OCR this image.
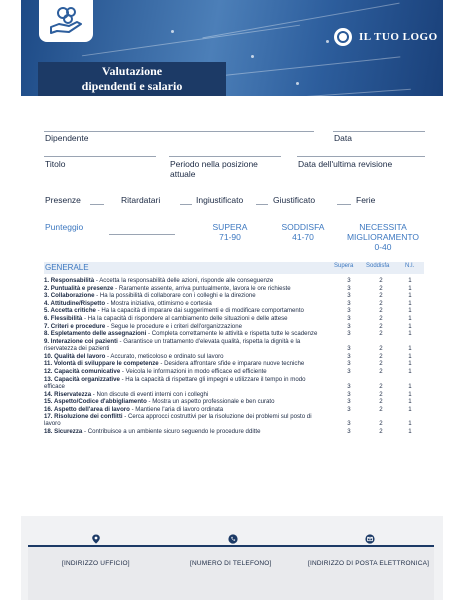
IL TUO LOGO
Valutazione
dipendenti e salario
Dipendente	Data
Titolo	Periodo nella posizione
attuale
Data dell'ultima revisione
Presenze	Ritardatari	Ingiustificato	Giustificato	Ferie
Punteggio	SUPERA
71-90
SODDISFA
41-70
NECESSITA
MIGLIORAMENTO
0-40
GENERALE	Supera Soddisfa	N.I.
1. Responsabilità - Accetta la responsabilità delle azioni, risponde alle conseguenze	3	2	1
2. Puntualità e presenze - Raramente assente, arriva puntualmente, lavora le ore richieste	3	2	1
3. Collaborazione - Ha la possibilità di collaborare con i colleghi e la direzione	3	2	1
4. Attitudine/Rispetto - Mostra iniziativa, ottimismo e cortesia	3	2	1
5. Accetta critiche - Ha la capacità di imparare dai suggerimenti e di modificare comportamento	3	2	1
6. Flessibilità - Ha la capacità di rispondere al cambiamento delle situazioni e delle attese	3	2	1
7. Criteri e procedure - Segue le procedure e i criteri dell'organizzazione	3	2	1
8. Espletamento delle assegnazioni - Completa correttamente le attività e rispetta tutte le scadenze	3	2	1
9. Interazione coi pazienti - Garantisce un trattamento d'elevata qualità, rispetta la dignità e la
riservatezza dei pazienti	3	2	1
10. Qualità del lavoro - Accurato, meticoloso e ordinato sul lavoro	3	2	1
11. Volontà di sviluppare le competenze - Desidera affrontare sfide e imparare nuove tecniche	3	2	1
12. Capacità comunicative - Veicola le informazioni in modo efficace ed efficiente	3	2	1
13. Capacità organizzative - Ha la capacità di rispettare gli impegni e utilizzare il tempo in modo
efficace	3	2	1
14. Riservatezza - Non discute di eventi interni con i colleghi	3	2	1
15. Aspetto/Codice d'abbigliamento - Mostra un aspetto professionale e ben curato	3	2	1
16. Aspetto dell'area di lavoro - Mantiene l'aria di lavoro ordinata	3	2	1
17. Risoluzione dei conflitti - Cerca approcci costruttivi per la risoluzione dei problemi sul posto di
lavoro	3	2	1
18. Sicurezza - Contribuisce a un ambiente sicuro seguendo le procedure dditte	3	2	1
[INDIRIZZO UFFICIO]	[NUMERO DI TELEFONO]	[INDIRIZZO DI POSTA ELETTRONICA]
